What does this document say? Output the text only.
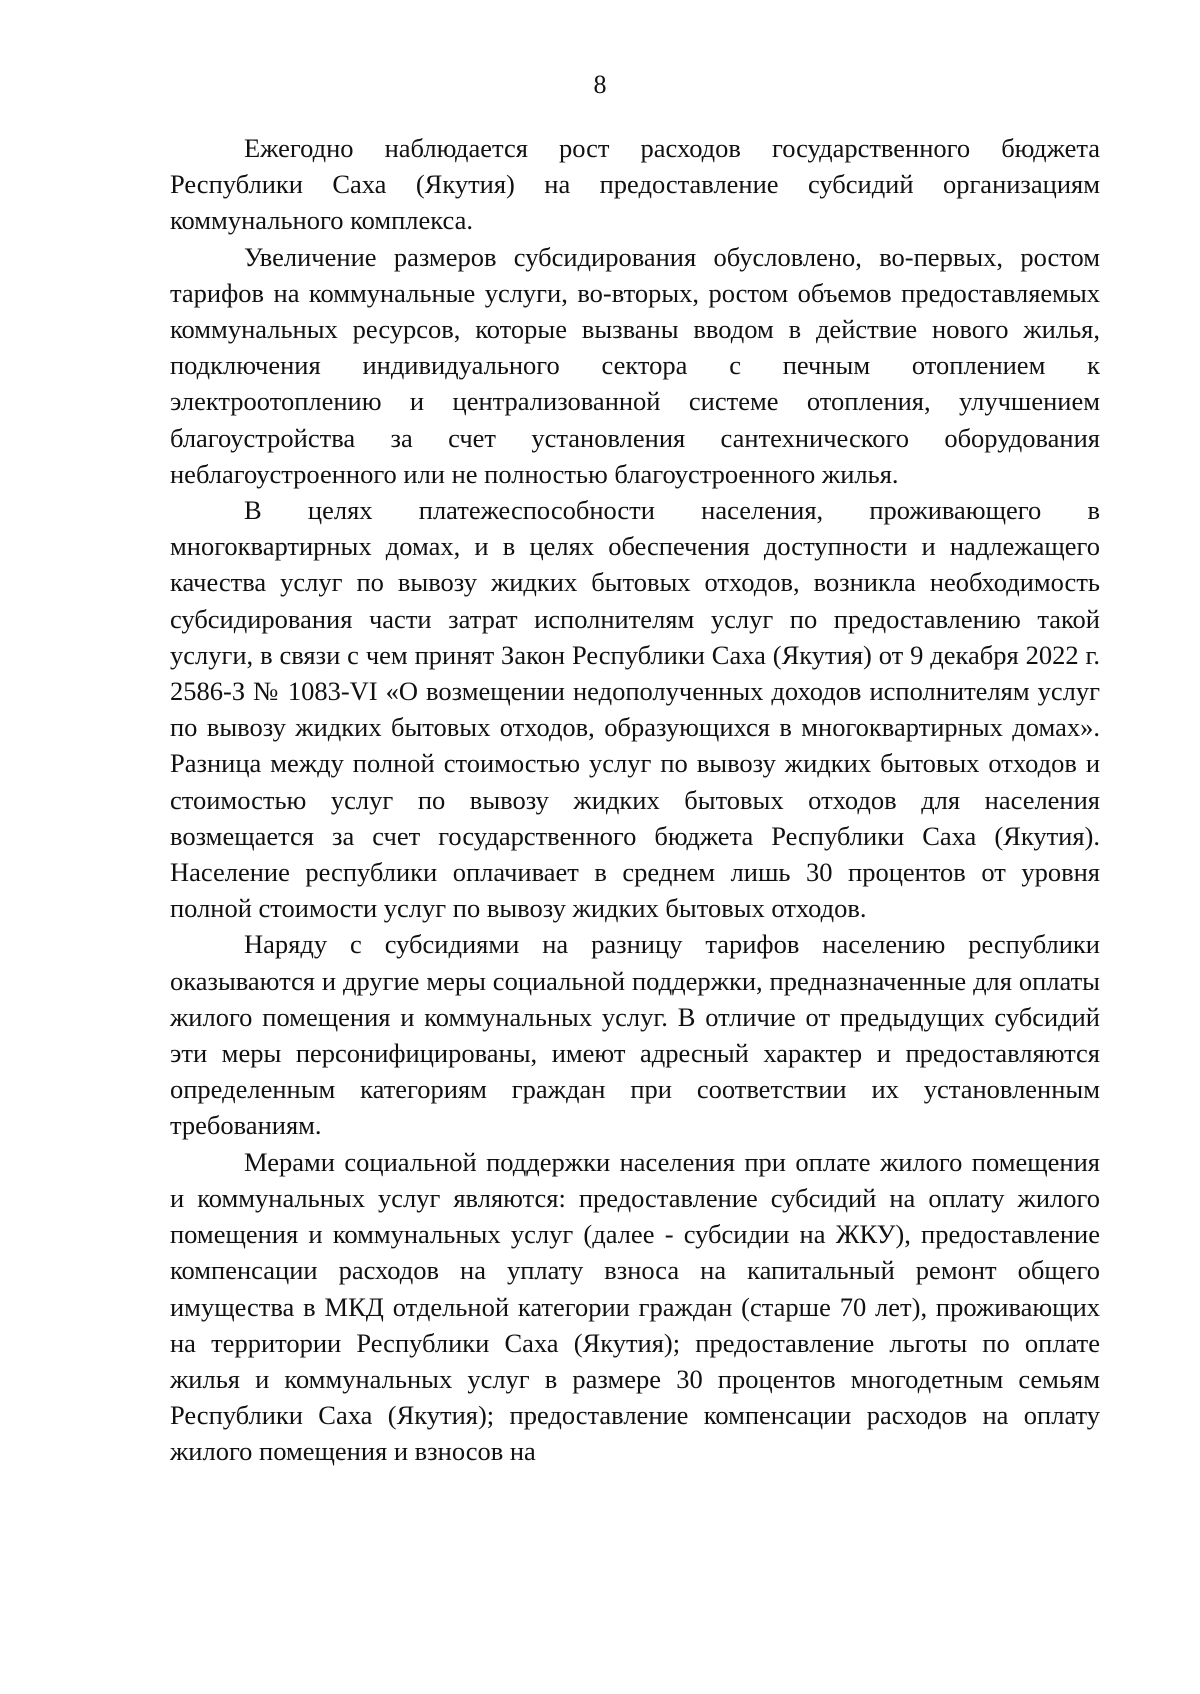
8

Ежегодно наблюдается рост расходов государственного бюджета Республики Саха (Якутия) на предоставление субсидий организациям коммунального комплекса.

Увеличение размеров субсидирования обусловлено, во-первых, ростом тарифов на коммунальные услуги, во-вторых, ростом объемов предоставляемых коммунальных ресурсов, которые вызваны вводом в действие нового жилья, подключения индивидуального сектора с печным отоплением к электроотоплению и централизованной системе отопления, улучшением благоустройства за счет установления сантехнического оборудования неблагоустроенного или не полностью благоустроенного жилья.

В целях платежеспособности населения, проживающего в многоквартирных домах, и в целях обеспечения доступности и надлежащего качества услуг по вывозу жидких бытовых отходов, возникла необходимость субсидирования части затрат исполнителям услуг по предоставлению такой услуги, в связи с чем принят Закон Республики Саха (Якутия) от 9 декабря 2022 г. 2586-З № 1083-VI «О возмещении недополученных доходов исполнителям услуг по вывозу жидких бытовых отходов, образующихся в многоквартирных домах». Разница между полной стоимостью услуг по вывозу жидких бытовых отходов и стоимостью услуг по вывозу жидких бытовых отходов для населения возмещается за счет государственного бюджета Республики Саха (Якутия). Население республики оплачивает в среднем лишь 30 процентов от уровня полной стоимости услуг по вывозу жидких бытовых отходов.

Наряду с субсидиями на разницу тарифов населению республики оказываются и другие меры социальной поддержки, предназначенные для оплаты жилого помещения и коммунальных услуг. В отличие от предыдущих субсидий эти меры персонифицированы, имеют адресный характер и предоставляются определенным категориям граждан при соответствии их установленным требованиям.

Мерами социальной поддержки населения при оплате жилого помещения и коммунальных услуг являются: предоставление субсидий на оплату жилого помещения и коммунальных услуг (далее - субсидии на ЖКУ), предоставление компенсации расходов на уплату взноса на капитальный ремонт общего имущества в МКД отдельной категории граждан (старше 70 лет), проживающих на территории Республики Саха (Якутия); предоставление льготы по оплате жилья и коммунальных услуг в размере 30 процентов многодетным семьям Республики Саха (Якутия); предоставление компенсации расходов на оплату жилого помещения и взносов на
